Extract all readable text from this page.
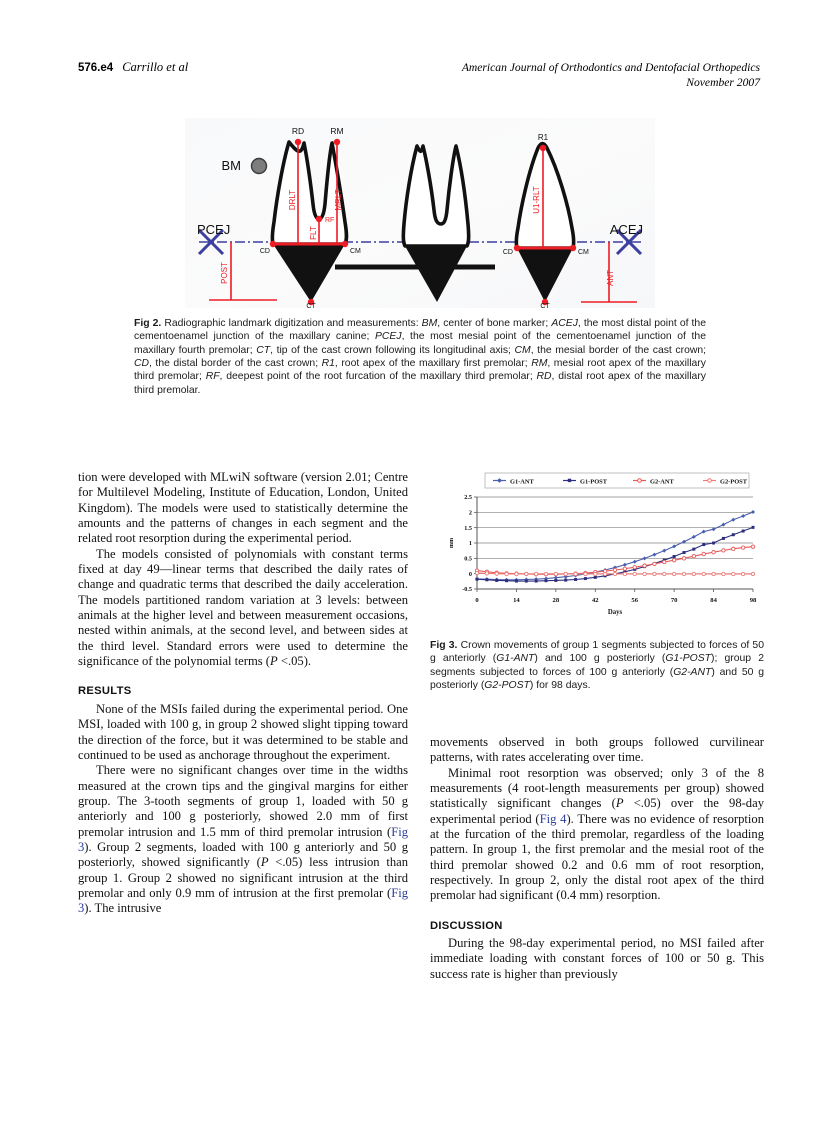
576.e4 Carrillo et al	American Journal of Orthodontics and Dentofacial Orthopedics
November 2007
BM
RD	RM
R1
RF
PCEJ	ACEJ
CD	CM	CD	CM
CT	CT
DRLT
FLT
MRLT	U1-RLT
POST	ANT
Fig 2. Radiographic landmark digitization and measurements: BM, center of bone marker; ACEJ, the most distal point of the cementoenamel junction of the maxillary canine; PCEJ, the most mesial point of the cementoenamel junction of the maxillary fourth premolar; CT, tip of the cast crown following its longitudinal axis; CM, the mesial border of the cast crown; CD, the distal border of the cast crown; R1, root apex of the maxillary first premolar; RM, mesial root apex of the maxillary third premolar; RF, deepest point of the root furcation of the maxillary third premolar; RD, distal root apex of the maxillary third premolar.

tion were developed with MLwiN software (version 2.01; Centre for Multilevel Modeling, Institute of Education, London, United Kingdom). The models were used to statistically determine the amounts and the patterns of changes in each segment and the related root resorption during the experimental period.

The models consisted of polynomials with constant terms fixed at day 49—linear terms that described the daily rates of change and quadratic terms that described the daily acceleration. The models partitioned random variation at 3 levels: between animals at the higher level and between measurement occasions, nested within animals, at the second level, and between sides at the third level. Standard errors were used to determine the significance of the polynomial terms (P <.05).

RESULTS

None of the MSIs failed during the experimental period. One MSI, loaded with 100 g, in group 2 showed slight tipping toward the direction of the force, but it was determined to be stable and continued to be used as anchorage throughout the experiment.

There were no significant changes over time in the widths measured at the crown tips and the gingival margins for either group. The 3-tooth segments of group 1, loaded with 50 g anteriorly and 100 g posteriorly, showed 2.0 mm of first premolar intrusion and 1.5 mm of third premolar intrusion (Fig 3). Group 2 segments, loaded with 100 g anteriorly and 50 g posteriorly, showed significantly (P <.05) less intrusion than group 1. Group 2 showed no significant intrusion at the third premolar and only 0.9 mm of intrusion at the first premolar (Fig 3). The intrusive

G1-ANT	G1-POST	G2-ANT	G2-POST
-0.5
0
0.5
1
1.5
2
2.5
0	14	28	42	56	70	84	98
Days
mm
Fig 3. Crown movements of group 1 segments subjected to forces of 50 g anteriorly (G1-ANT) and 100 g posteriorly (G1-POST); group 2 segments subjected to forces of 100 g anteriorly (G2-ANT) and 50 g posteriorly (G2-POST) for 98 days.

movements observed in both groups followed curvilinear patterns, with rates accelerating over time.

Minimal root resorption was observed; only 3 of the 8 measurements (4 root-length measurements per group) showed statistically significant changes (P <.05) over the 98-day experimental period (Fig 4). There was no evidence of resorption at the furcation of the third premolar, regardless of the loading pattern. In group 1, the first premolar and the mesial root of the third premolar showed 0.2 and 0.6 mm of root resorption, respectively. In group 2, only the distal root apex of the third premolar had significant (0.4 mm) resorption.

DISCUSSION

During the 98-day experimental period, no MSI failed after immediate loading with constant forces of 100 or 50 g. This success rate is higher than previously
